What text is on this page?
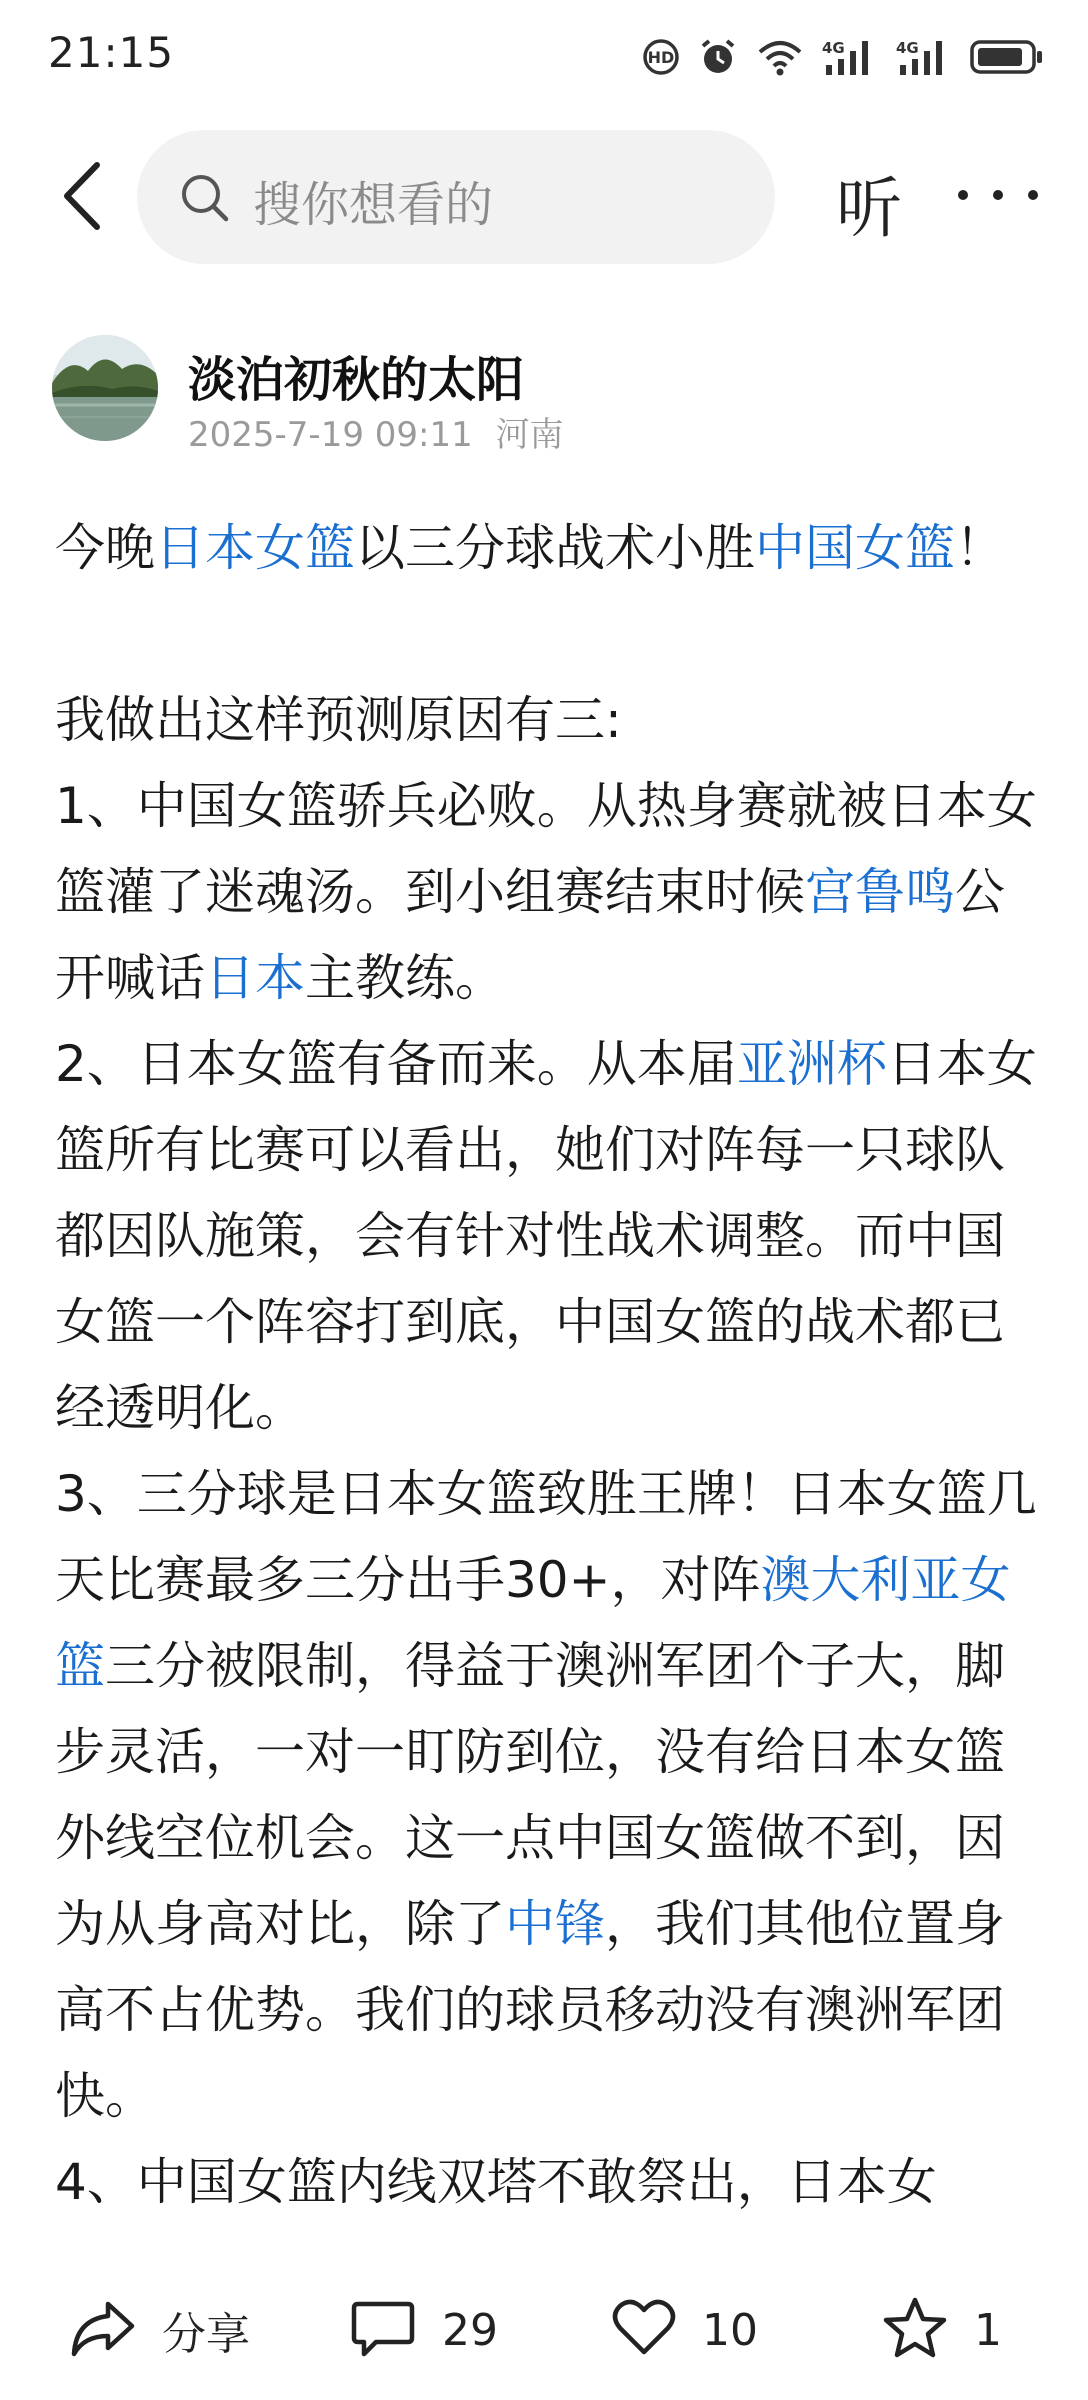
21:15	HD	4G	4G
搜你想看的	听
淡泊初秋的太阳
2025-7-19 09:11 河南

今晚日本女篮以三分球战术小胜中国女篮！

我做出这样预测原因有三:

1、中国女篮骄兵必败。从热身赛就被日本女篮灌了迷魂汤。到小组赛结束时候宫鲁鸣公开喊话日本主教练。

2、日本女篮有备而来。从本届亚洲杯日本女篮所有比赛可以看出，她们对阵每一只球队都因队施策，会有针对性战术调整。而中国女篮一个阵容打到底，中国女篮的战术都已经透明化。

3、三分球是日本女篮致胜王牌！日本女篮几天比赛最多三分出手30+，对阵澳大利亚女篮三分被限制，得益于澳洲军团个子大，脚步灵活，一对一盯防到位，没有给日本女篮外线空位机会。这一点中国女篮做不到，因为从身高对比，除了中锋，我们其他位置身高不占优势。我们的球员移动没有澳洲军团快。

4、中国女篮内线双塔不敢祭出，日本女

分享	29	10	1
